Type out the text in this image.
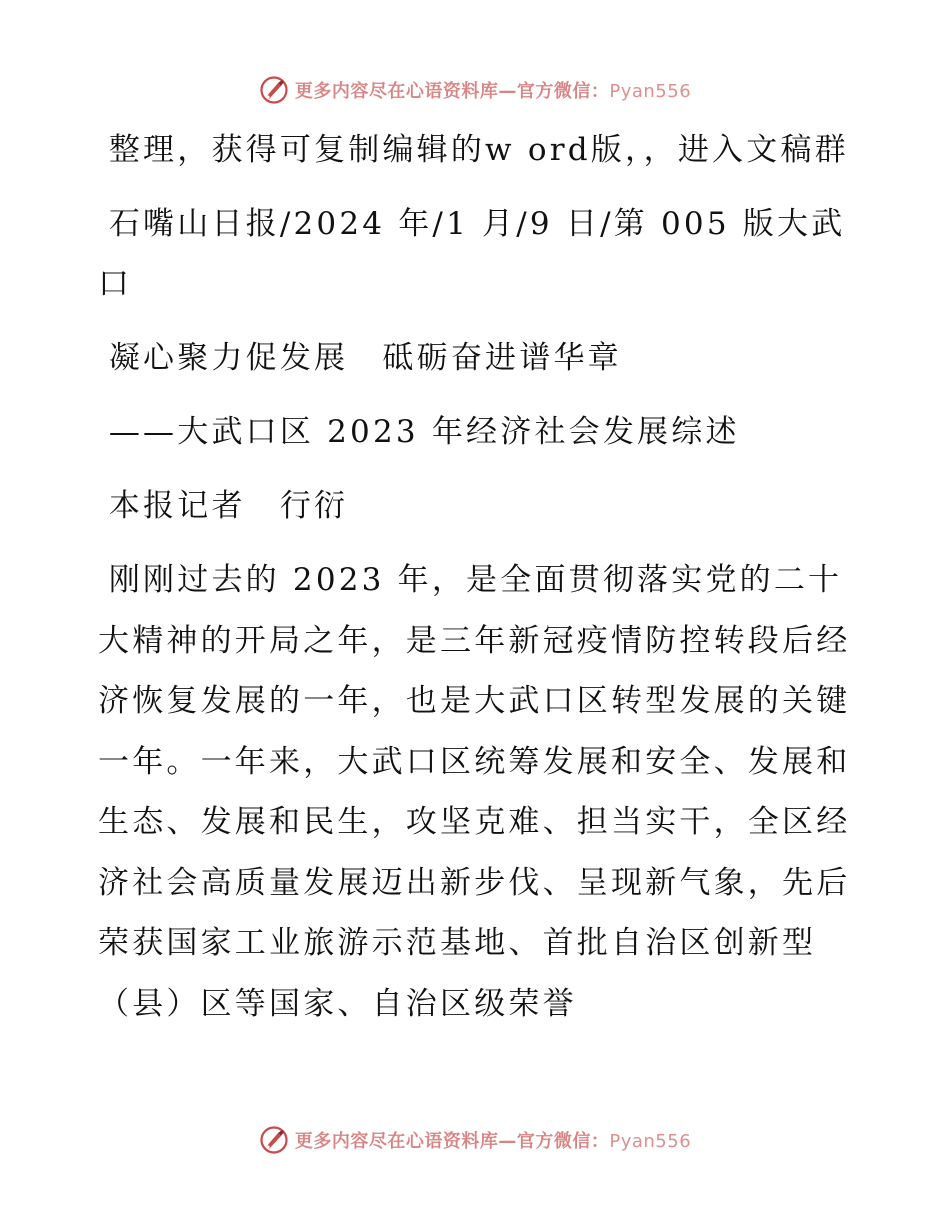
更多内容尽在心语资料库—官方微信：Pyan556

整理，获得可复制编辑的w ord版，，进入文稿群

石嘴山日报/2024 年/1 月/9 日/第 005 版大武口

凝心聚力促发展　砥砺奋进谱华章

——大武口区 2023 年经济社会发展综述

本报记者　行衍

刚刚过去的 2023 年，是全面贯彻落实党的二十大精神的开局之年，是三年新冠疫情防控转段后经济恢复发展的一年，也是大武口区转型发展的关键一年。一年来，大武口区统筹发展和安全、发展和生态、发展和民生，攻坚克难、担当实干，全区经济社会高质量发展迈出新步伐、呈现新气象，先后荣获国家工业旅游示范基地、首批自治区创新型（县）区等国家、自治区级荣誉

更多内容尽在心语资料库—官方微信：Pyan556
